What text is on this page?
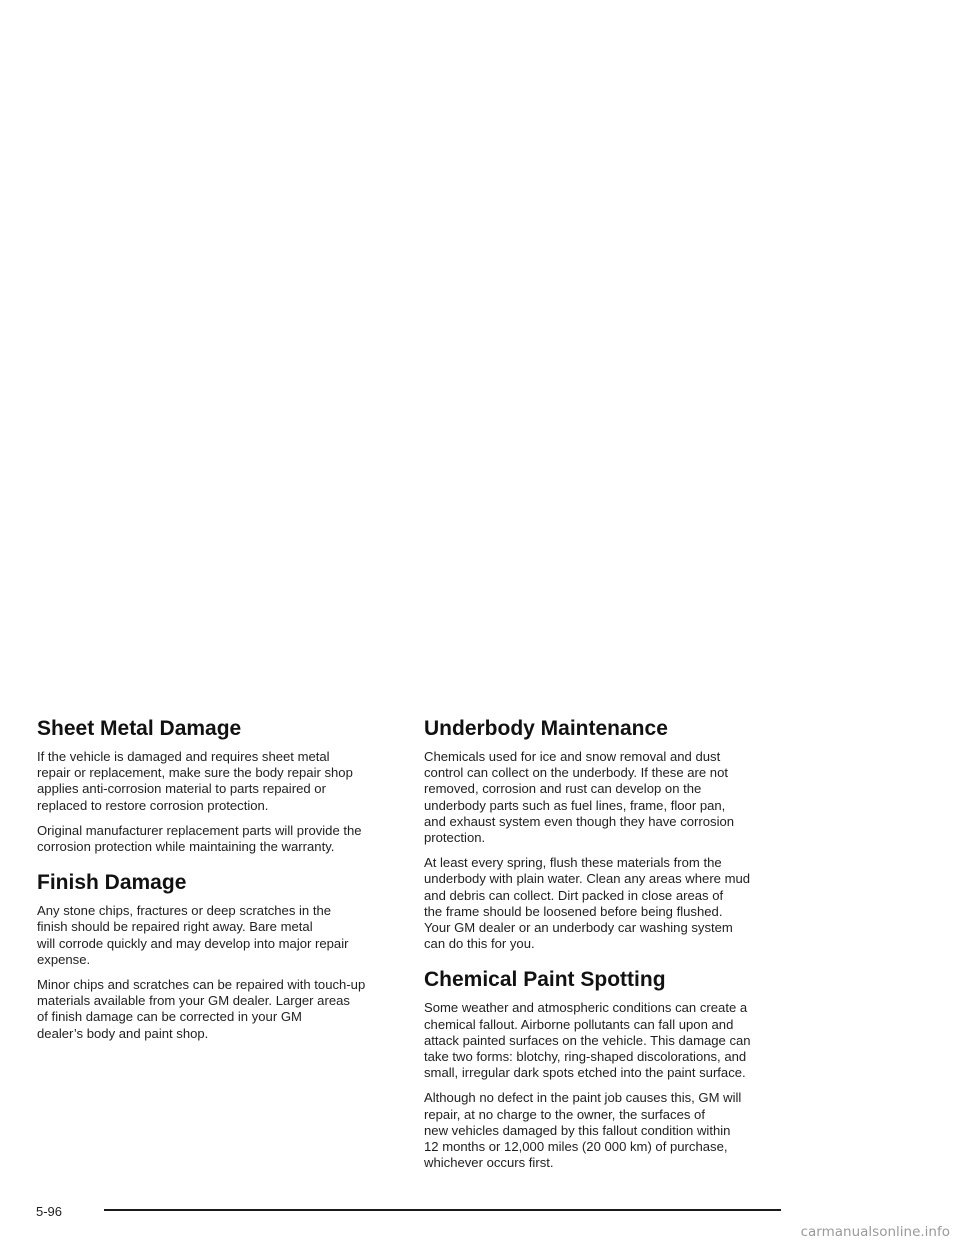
Sheet Metal Damage

If the vehicle is damaged and requires sheet metal
repair or replacement, make sure the body repair shop
applies anti-corrosion material to parts repaired or
replaced to restore corrosion protection.

Original manufacturer replacement parts will provide the
corrosion protection while maintaining the warranty.

Finish Damage

Any stone chips, fractures or deep scratches in the
finish should be repaired right away. Bare metal
will corrode quickly and may develop into major repair
expense.

Minor chips and scratches can be repaired with touch-up
materials available from your GM dealer. Larger areas
of finish damage can be corrected in your GM
dealer’s body and paint shop.

Underbody Maintenance

Chemicals used for ice and snow removal and dust
control can collect on the underbody. If these are not
removed, corrosion and rust can develop on the
underbody parts such as fuel lines, frame, floor pan,
and exhaust system even though they have corrosion
protection.

At least every spring, flush these materials from the
underbody with plain water. Clean any areas where mud
and debris can collect. Dirt packed in close areas of
the frame should be loosened before being flushed.
Your GM dealer or an underbody car washing system
can do this for you.

Chemical Paint Spotting

Some weather and atmospheric conditions can create a
chemical fallout. Airborne pollutants can fall upon and
attack painted surfaces on the vehicle. This damage can
take two forms: blotchy, ring-shaped discolorations, and
small, irregular dark spots etched into the paint surface.

Although no defect in the paint job causes this, GM will
repair, at no charge to the owner, the surfaces of
new vehicles damaged by this fallout condition within
12 months or 12,000 miles (20 000 km) of purchase,
whichever occurs first.

5-96
carmanualsonline.info
